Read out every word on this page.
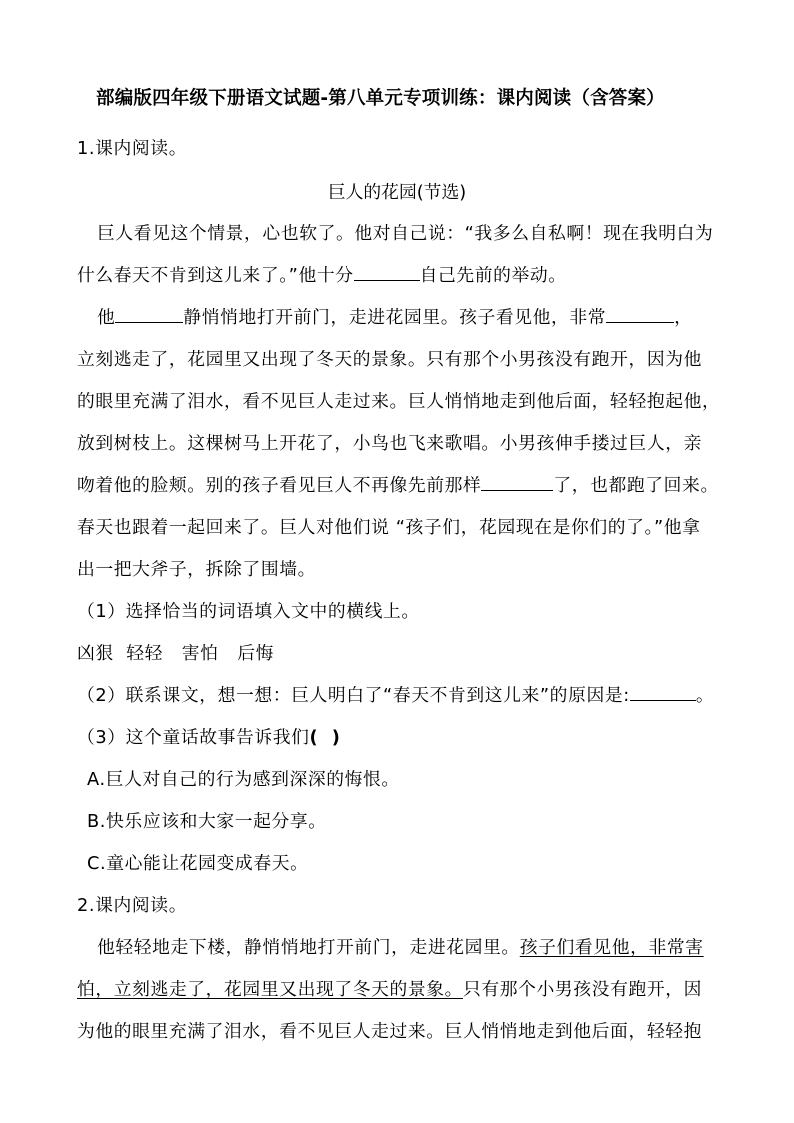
部编版四年级下册语文试题-第八单元专项训练：课内阅读（含答案）
1.课内阅读。
巨人的花园(节选)
巨人看见这个情景，心也软了。他对自己说：“我多么自私啊！现在我明白为
什么春天不肯到这儿来了。”他十分	自己先前的举动。
他	静悄悄地打开前门，走进花园里。孩子看见他，非常	，
立刻逃走了，花园里又出现了冬天的景象。只有那个小男孩没有跑开，因为他
的眼里充满了泪水，看不见巨人走过来。巨人悄悄地走到他后面，轻轻抱起他，
放到树枝上。这棵树马上开花了，小鸟也飞来歌唱。小男孩伸手搂过巨人，亲
吻着他的脸颊。别的孩子看见巨人不再像先前那样	了，也都跑了回来。
春天也跟着一起回来了。巨人对他们说 “孩子们，花园现在是你们的了。”他拿
出一把大斧子，拆除了围墙。
（1）选择恰当的词语填入文中的横线上。
凶狠  轻轻   害怕   后悔
（2）联系课文，想一想：巨人明白了“春天不肯到这儿来”的原因是:	。
（3）这个童话故事告诉我们(  )
A.巨人对自己的行为感到深深的悔恨。
B.快乐应该和大家一起分享。
C.童心能让花园变成春天。
2.课内阅读。
他轻轻地走下楼，静悄悄地打开前门，走进花园里。孩子们看见他，非常害
怕，立刻逃走了，花园里又出现了冬天的景象。只有那个小男孩没有跑开，因
为他的眼里充满了泪水，看不见巨人走过来。巨人悄悄地走到他后面，轻轻抱
